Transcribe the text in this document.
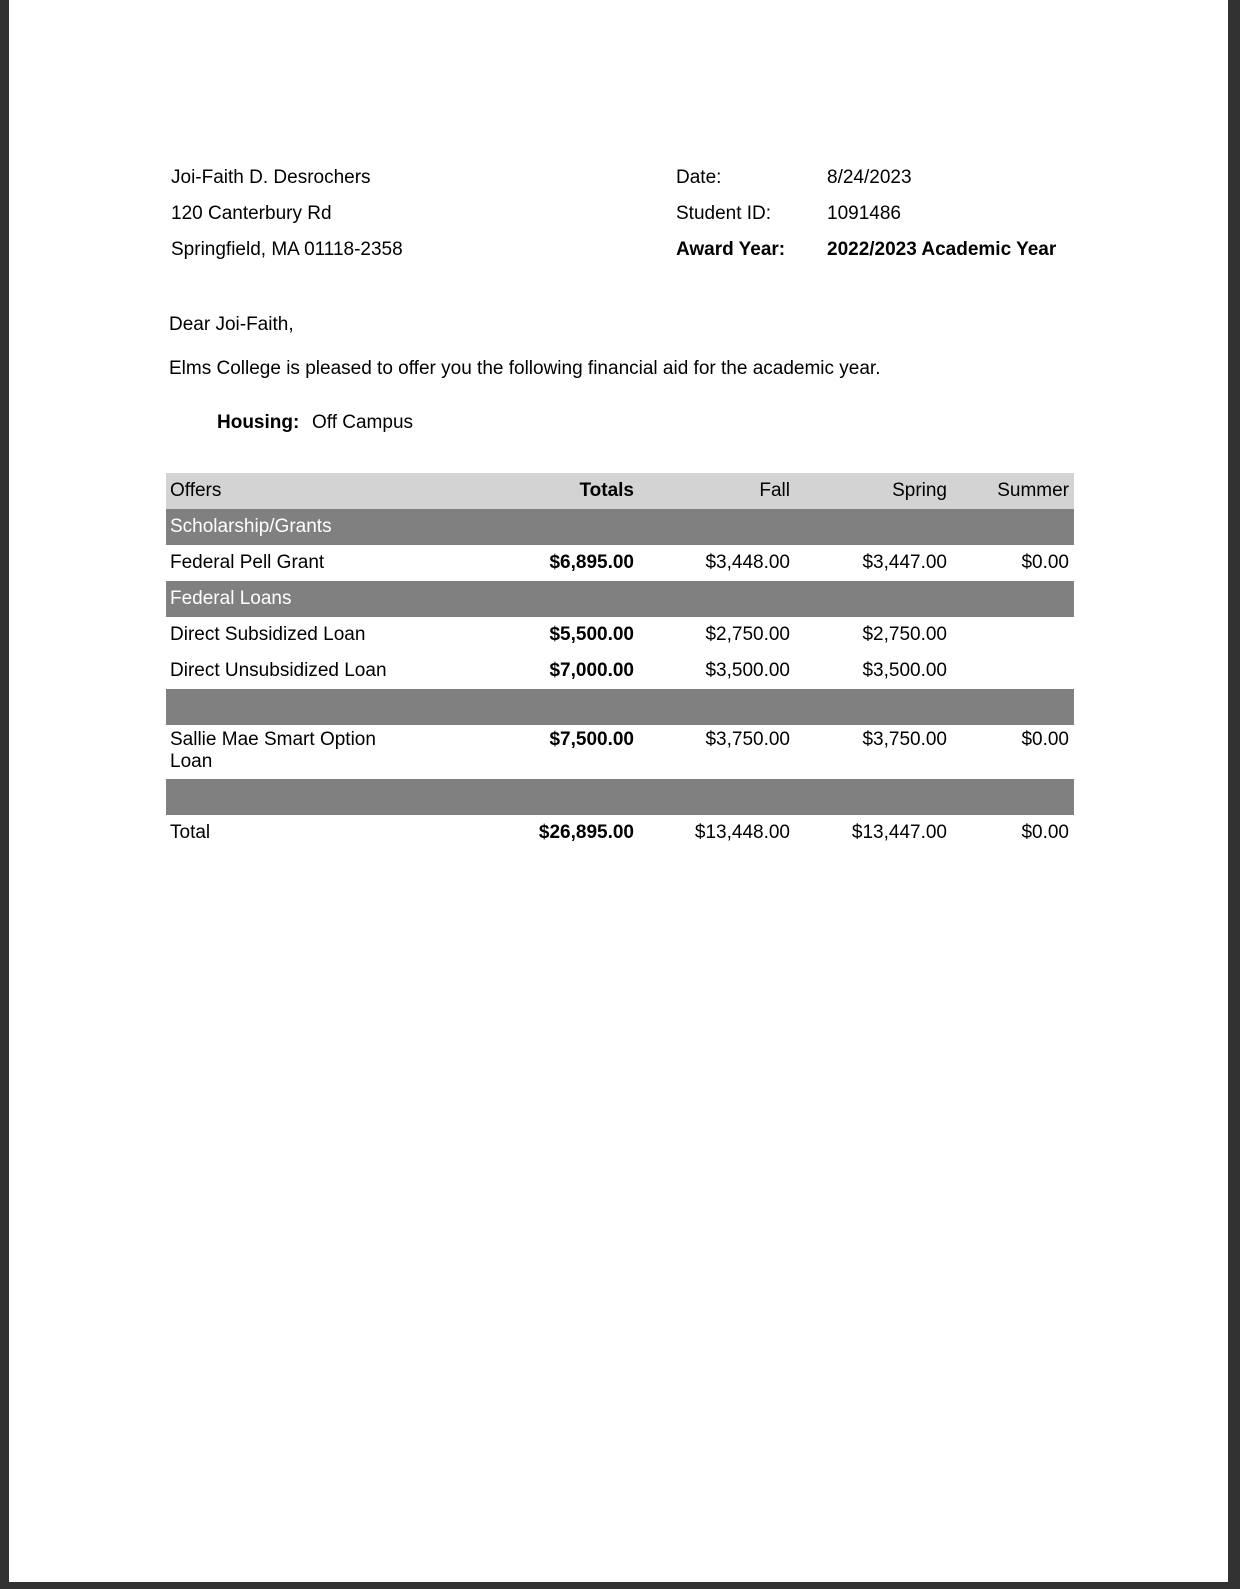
Joi-Faith D. Desrochers
120 Canterbury Rd
Springfield, MA 01118-2358
Date:	8/24/2023
Student ID:	1091486
Award Year: 2022/2023 Academic Year
Dear Joi-Faith,
Elms College is pleased to offer you the following financial aid for the academic year.
Housing: Off Campus
Offers	Totals	Fall	Spring	Summer
Scholarship/Grants				
Federal Pell Grant	$6,895.00	$3,448.00	$3,447.00	$0.00
Federal Loans				
Direct Subsidized Loan	$5,500.00	$2,750.00	$2,750.00	
Direct Unsubsidized Loan	$7,000.00	$3,500.00	$3,500.00	

Sallie Mae Smart Option Loan	$7,500.00	$3,750.00	$3,750.00	$0.00

Total	$26,895.00	$13,448.00	$13,447.00	$0.00
